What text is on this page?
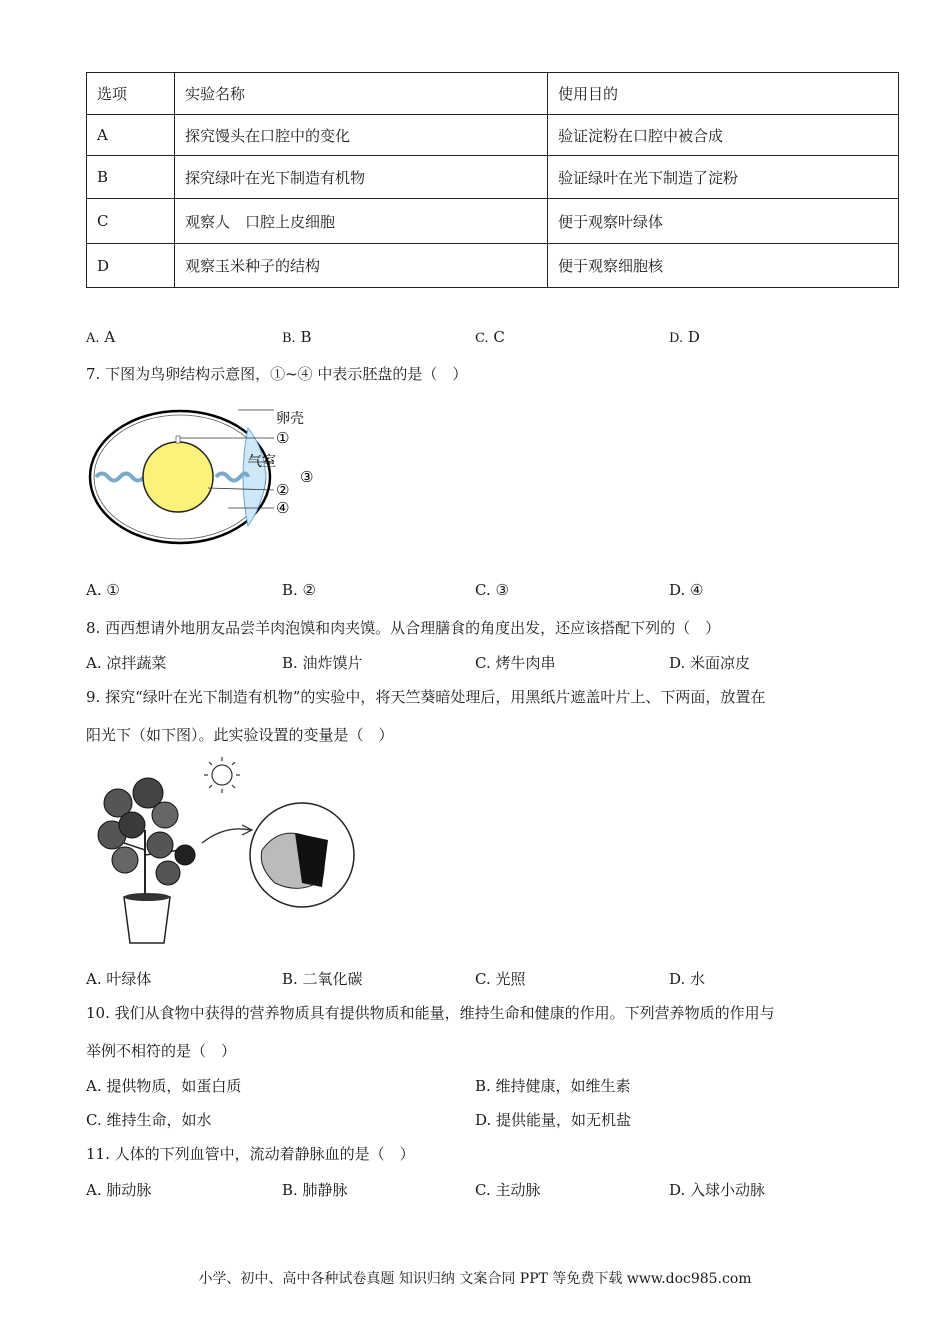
选项	实验名称	使用目的
A	探究馒头在口腔中的变化	验证淀粉在口腔中被合成
B	探究绿叶在光下制造有机物	验证绿叶在光下制造了淀粉
C	观察人　口腔上皮细胞	便于观察叶绿体
D	观察玉米种子的结构	便于观察细胞核
A. A	B. B	C. C	D. D
7. 下图为鸟卵结构示意图，①~④ 中表示胚盘的是（　）
卵壳
①
气室
③
②
④
A. ①	B. ②	C. ③	D. ④
8. 西西想请外地朋友品尝羊肉泡馍和肉夹馍。从合理膳食的角度出发，还应该搭配下列的（　）
A. 凉拌蔬菜	B. 油炸馍片	C. 烤牛肉串	D. 米面凉皮
9. 探究“绿叶在光下制造有机物”的实验中，将天竺葵暗处理后，用黑纸片遮盖叶片上、下两面，放置在
阳光下（如下图）。此实验设置的变量是（　）
A. 叶绿体	B. 二氧化碳	C. 光照	D. 水
10. 我们从食物中获得的营养物质具有提供物质和能量，维持生命和健康的作用。下列营养物质的作用与
举例不相符的是（　）
A. 提供物质，如蛋白质	B. 维持健康，如维生素
C. 维持生命，如水	D. 提供能量，如无机盐
11. 人体的下列血管中，流动着静脉血的是（　）
A. 肺动脉	B. 肺静脉	C. 主动脉	D. 入球小动脉
小学、初中、高中各种试卷真题 知识归纳 文案合同 PPT 等免费下载 www.doc985.com
